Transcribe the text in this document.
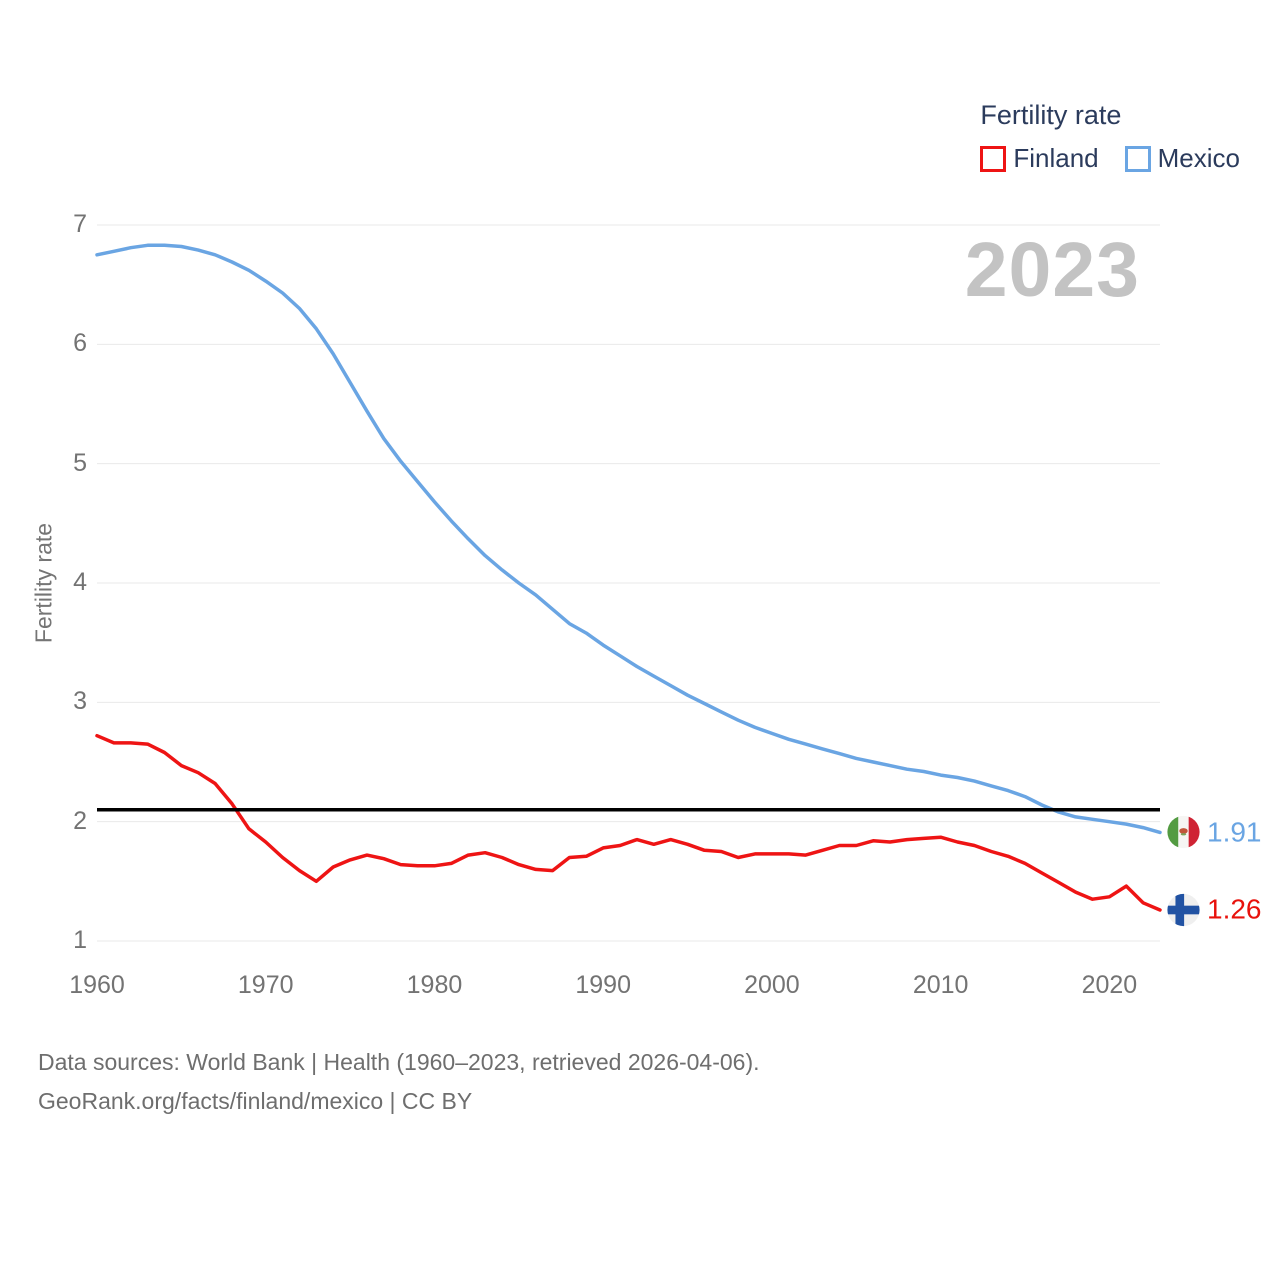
Fertility rate
Finland Mexico
2023
Fertility rate
1.91
1.26
Data sources: World Bank | Health (1960–2023, retrieved 2026-04-06).
GeoRank.org/facts/finland/mexico | CC BY
7
6
5
4
3
2
1
1960	1970	1980	1990	2000	2010	2020
